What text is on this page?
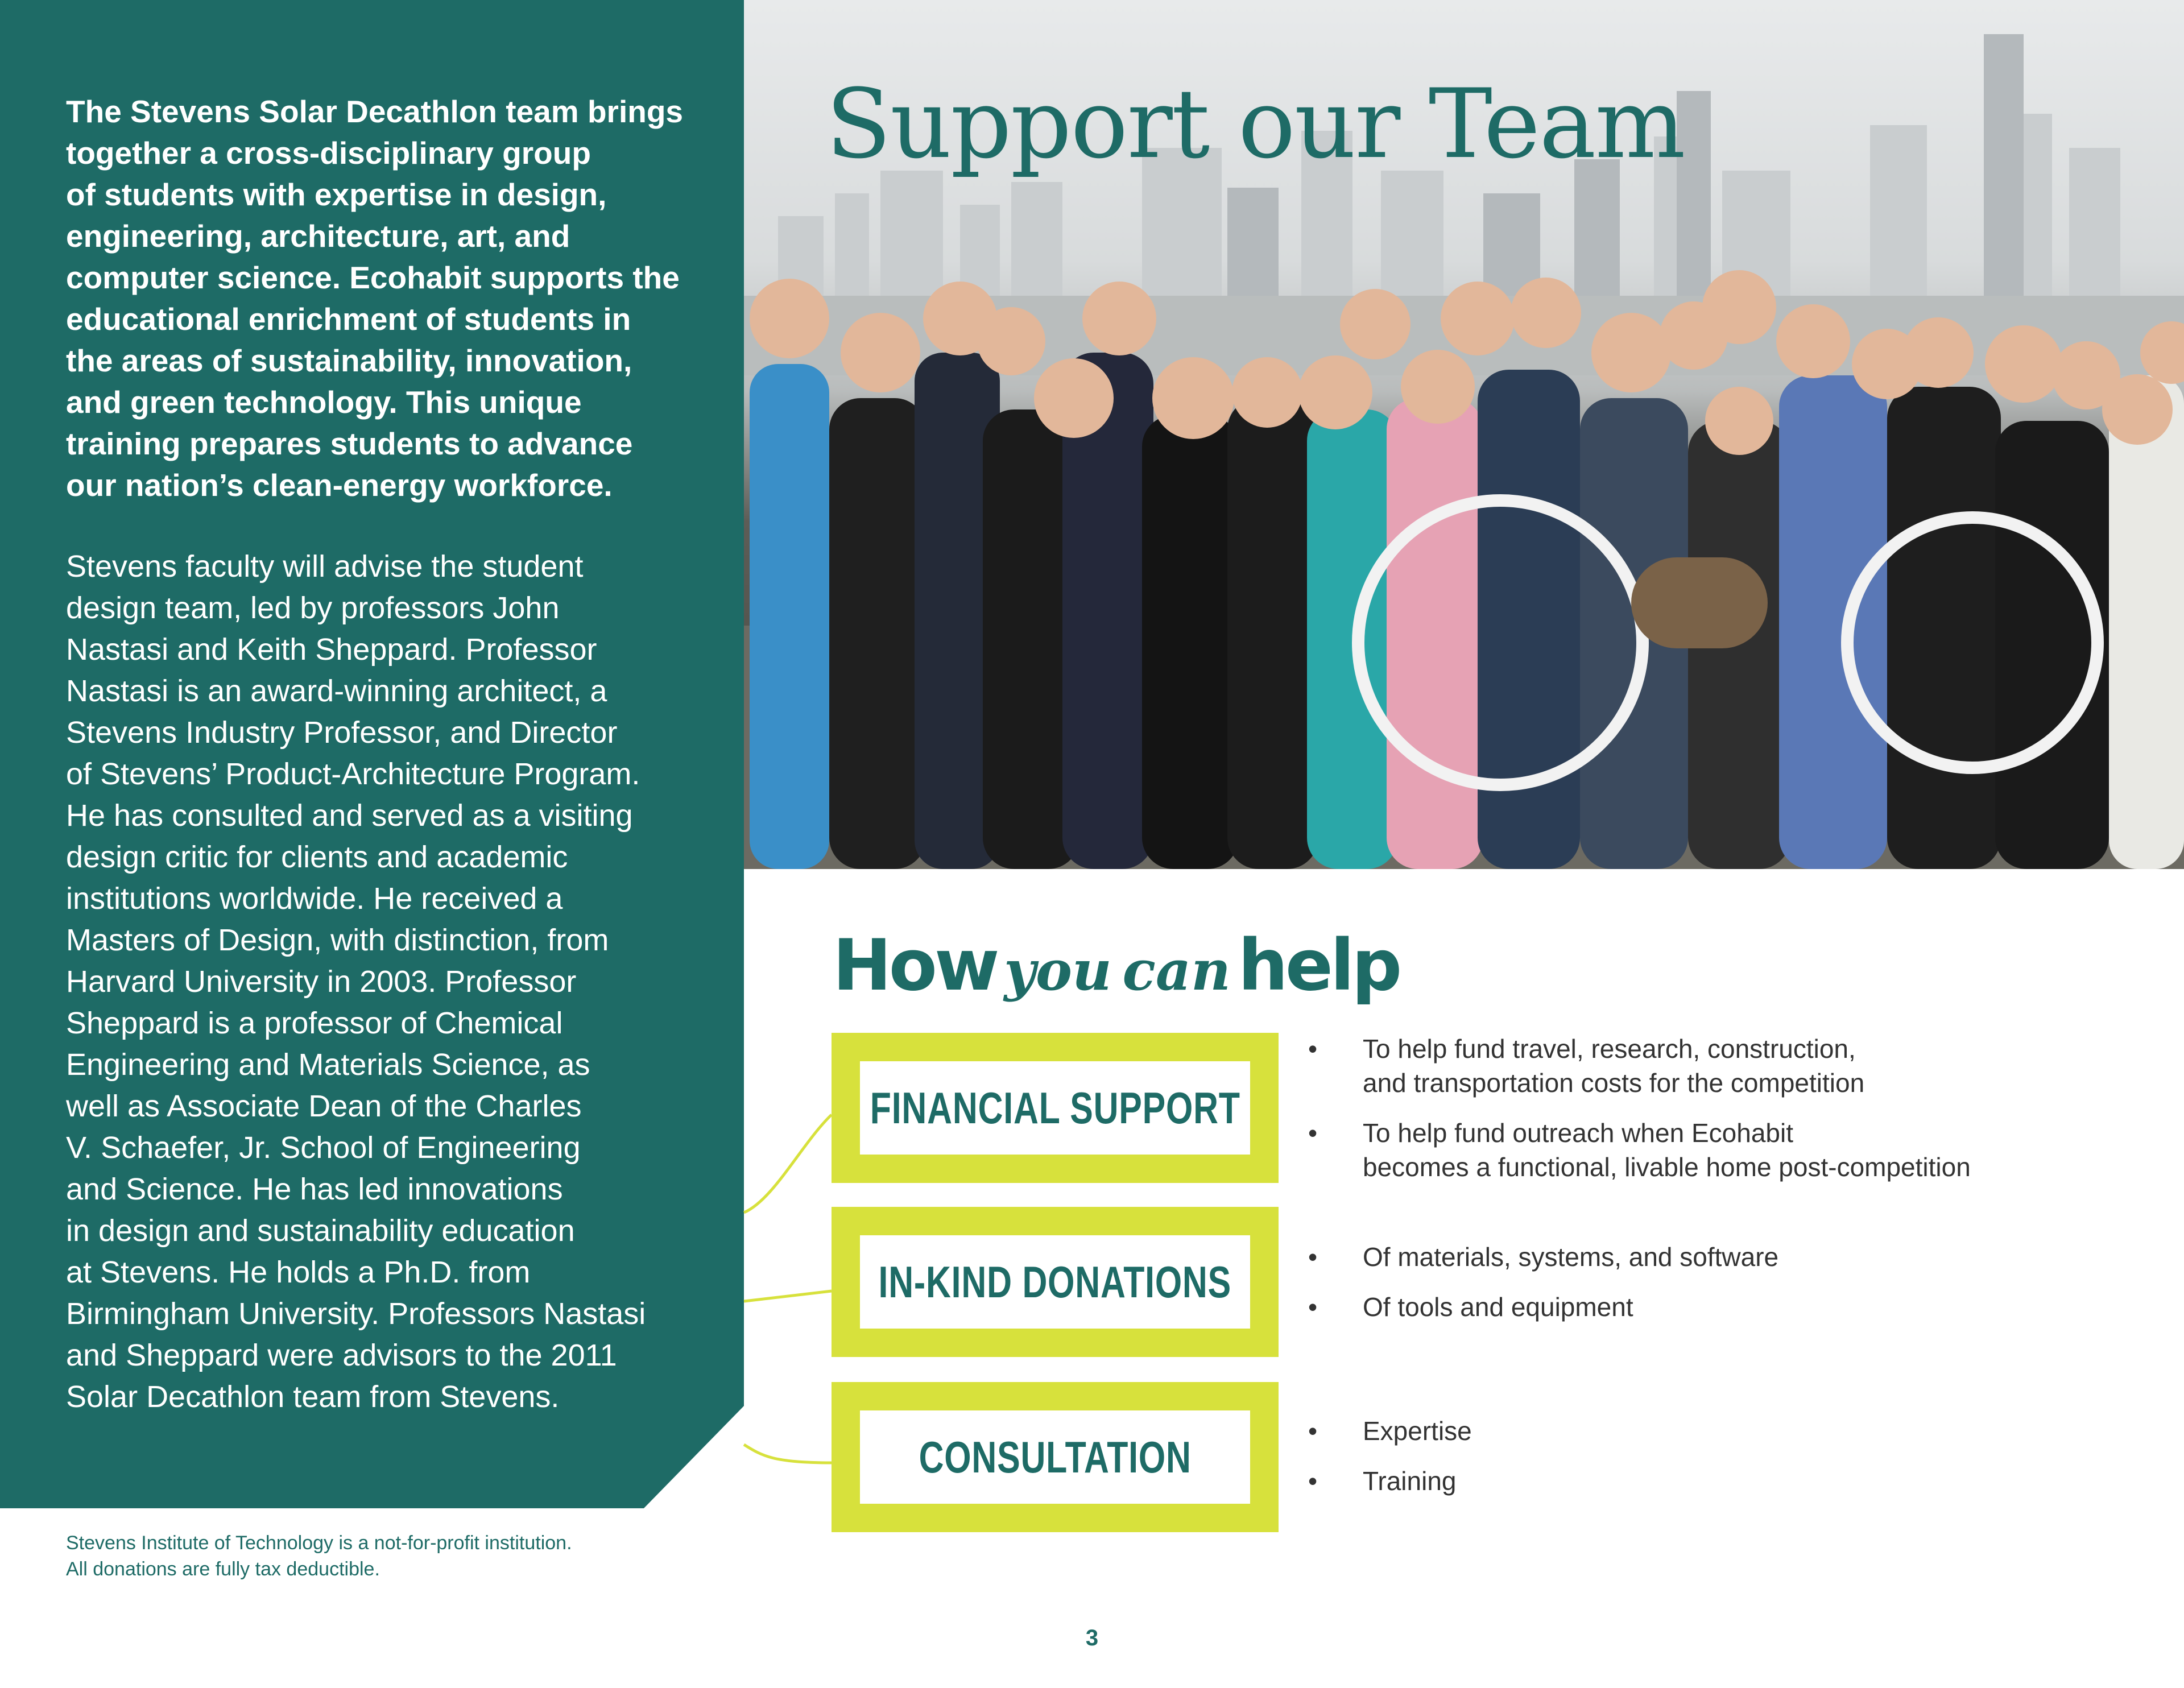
The Stevens Solar Decathlon team brings
together a cross-disciplinary group
of students with expertise in design,
engineering, architecture, art, and
computer science. Ecohabit supports the
educational enrichment of students in
the areas of sustainability, innovation,
and green technology. This unique
training prepares students to advance
our nation’s clean-energy workforce.

Stevens faculty will advise the student
design team, led by professors John
Nastasi and Keith Sheppard. Professor
Nastasi is an award-winning architect, a
Stevens Industry Professor, and Director
of Stevens’ Product-Architecture Program.
He has consulted and served as a visiting
design critic for clients and academic
institutions worldwide. He received a
Masters of Design, with distinction, from
Harvard University in 2003. Professor
Sheppard is a professor of Chemical
Engineering and Materials Science, as
well as Associate Dean of the Charles
V. Schaefer, Jr. School of Engineering
and Science. He has led innovations
in design and sustainability education
at Stevens. He holds a Ph.D. from
Birmingham University. Professors Nastasi
and Sheppard were advisors to the 2011
Solar Decathlon team from Stevens.

Stevens Institute of Technology is a not-for-profit institution.
All donations are fully tax deductible.

Support our Team
How you can help
FINANCIAL SUPPORT
• To help fund travel, research, construction,
and transportation costs for the competition
• To help fund outreach when Ecohabit
becomes a functional, livable home post-competition
IN-KIND DONATIONS	• Of materials, systems, and software
• Of tools and equipment
CONSULTATION
• Expertise
• Training

3
